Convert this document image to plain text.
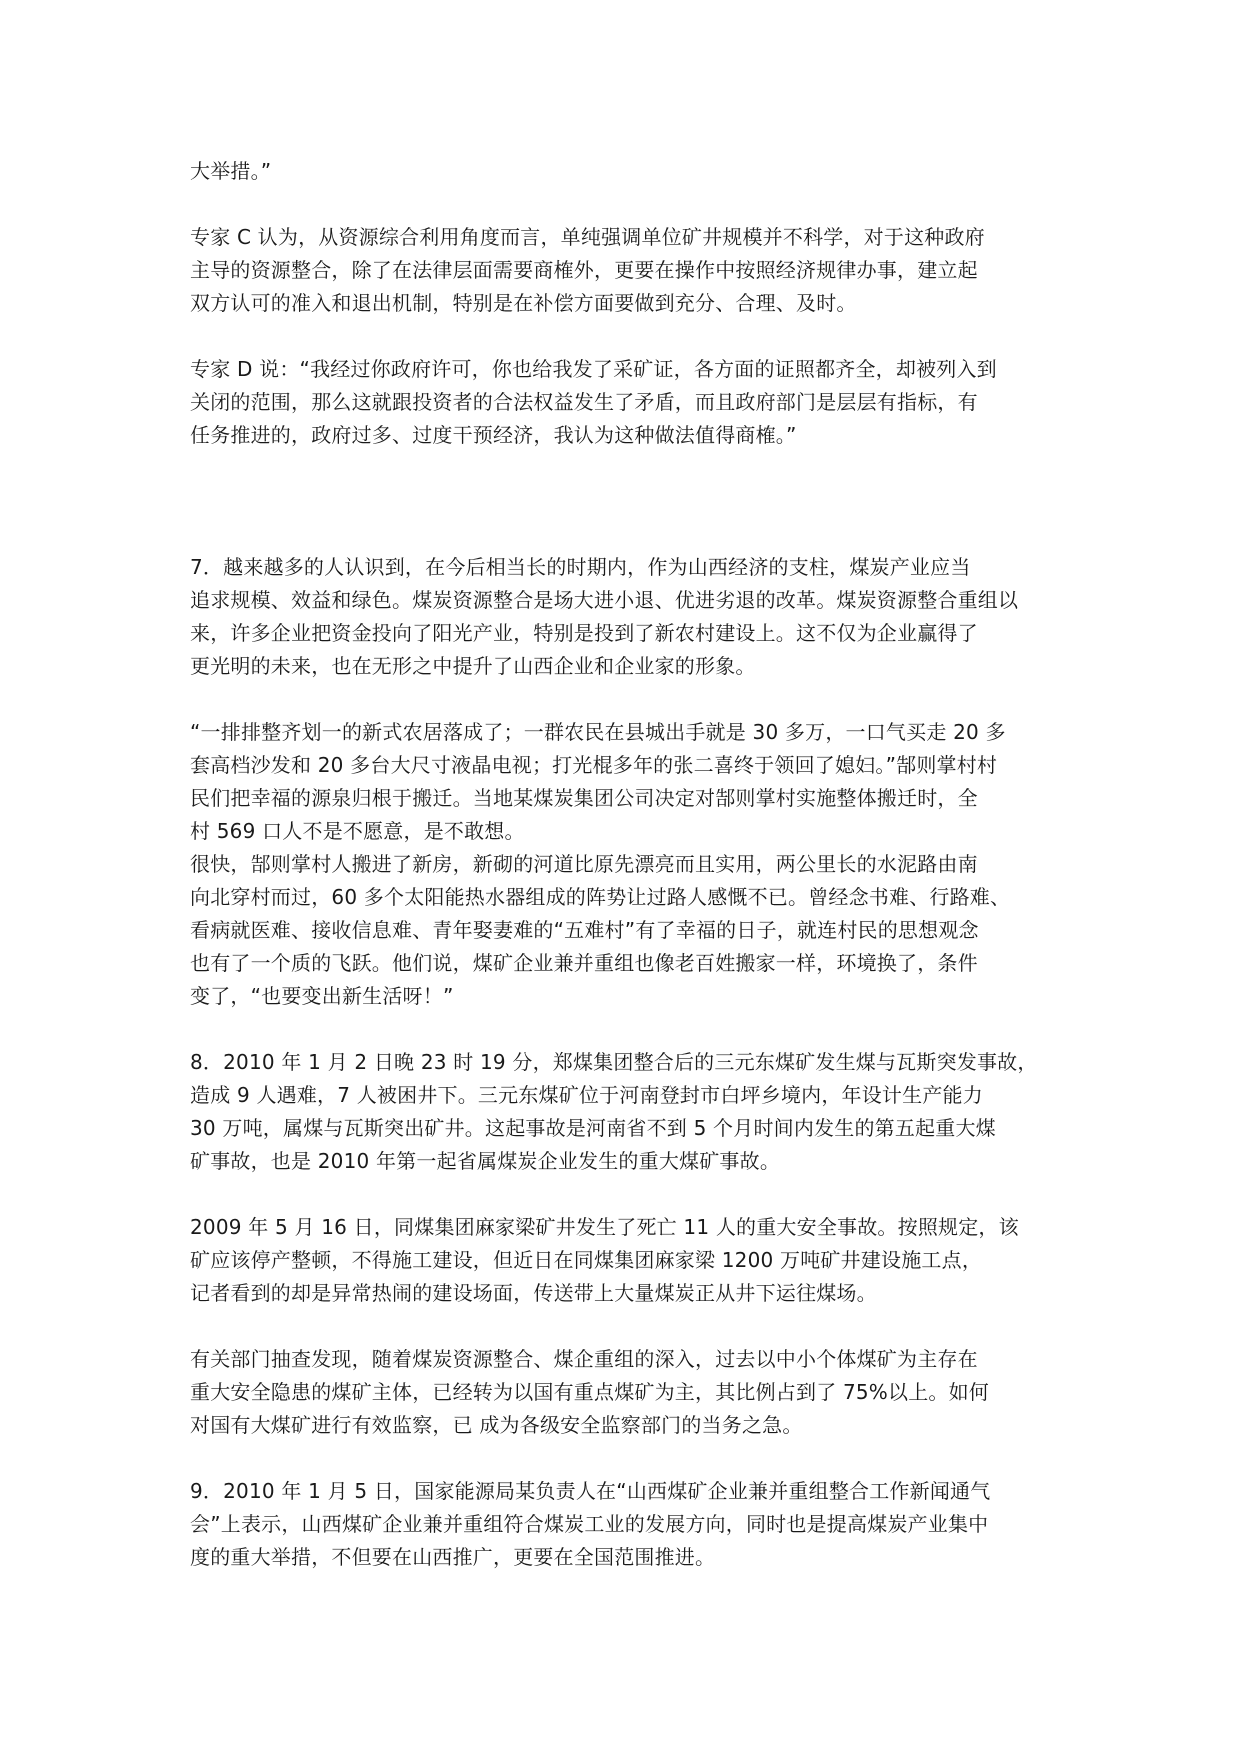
大举措。”

专家 C 认为，从资源综合利用角度而言，单纯强调单位矿井规模并不科学，对于这种政府
主导的资源整合，除了在法律层面需要商榷外，更要在操作中按照经济规律办事，建立起
双方认可的准入和退出机制，特别是在补偿方面要做到充分、合理、及时。

专家 D 说：“我经过你政府许可，你也给我发了采矿证，各方面的证照都齐全，却被列入到
关闭的范围，那么这就跟投资者的合法权益发生了矛盾，而且政府部门是层层有指标，有
任务推进的，政府过多、过度干预经济，我认为这种做法值得商榷。”

7．越来越多的人认识到，在今后相当长的时期内，作为山西经济的支柱，煤炭产业应当
追求规模、效益和绿色。煤炭资源整合是场大进小退、优进劣退的改革。煤炭资源整合重组以
来，许多企业把资金投向了阳光产业，特别是投到了新农村建设上。这不仅为企业赢得了
更光明的未来，也在无形之中提升了山西企业和企业家的形象。

“一排排整齐划一的新式农居落成了；一群农民在县城出手就是 30 多万，一口气买走 20 多
套高档沙发和 20 多台大尺寸液晶电视；打光棍多年的张二喜终于领回了媳妇。”郜则掌村村
民们把幸福的源泉归根于搬迁。当地某煤炭集团公司决定对郜则掌村实施整体搬迁时，全
村 569 口人不是不愿意，是不敢想。

很快，郜则掌村人搬进了新房，新砌的河道比原先漂亮而且实用，两公里长的水泥路由南
向北穿村而过，60 多个太阳能热水器组成的阵势让过路人感慨不已。曾经念书难、行路难、
看病就医难、接收信息难、青年娶妻难的“五难村”有了幸福的日子，就连村民的思想观念
也有了一个质的飞跃。他们说，煤矿企业兼并重组也像老百姓搬家一样，环境换了，条件
变了，“也要变出新生活呀！”

8．2010 年 1 月 2 日晚 23 时 19 分，郑煤集团整合后的三元东煤矿发生煤与瓦斯突发事故，
造成 9 人遇难，7 人被困井下。三元东煤矿位于河南登封市白坪乡境内，年设计生产能力
30 万吨，属煤与瓦斯突出矿井。这起事故是河南省不到 5 个月时间内发生的第五起重大煤
矿事故，也是 2010 年第一起省属煤炭企业发生的重大煤矿事故。

2009 年 5 月 16 日，同煤集团麻家梁矿井发生了死亡 11 人的重大安全事故。按照规定，该
矿应该停产整顿，不得施工建设，但近日在同煤集团麻家梁 1200 万吨矿井建设施工点，
记者看到的却是异常热闹的建设场面，传送带上大量煤炭正从井下运往煤场。

有关部门抽查发现，随着煤炭资源整合、煤企重组的深入，过去以中小个体煤矿为主存在
重大安全隐患的煤矿主体，已经转为以国有重点煤矿为主，其比例占到了 75%以上。如何
对国有大煤矿进行有效监察，已 成为各级安全监察部门的当务之急。

9．2010 年 1 月 5 日，国家能源局某负责人在“山西煤矿企业兼并重组整合工作新闻通气
会”上表示，山西煤矿企业兼并重组符合煤炭工业的发展方向，同时也是提高煤炭产业集中
度的重大举措，不但要在山西推广，更要在全国范围推进。
